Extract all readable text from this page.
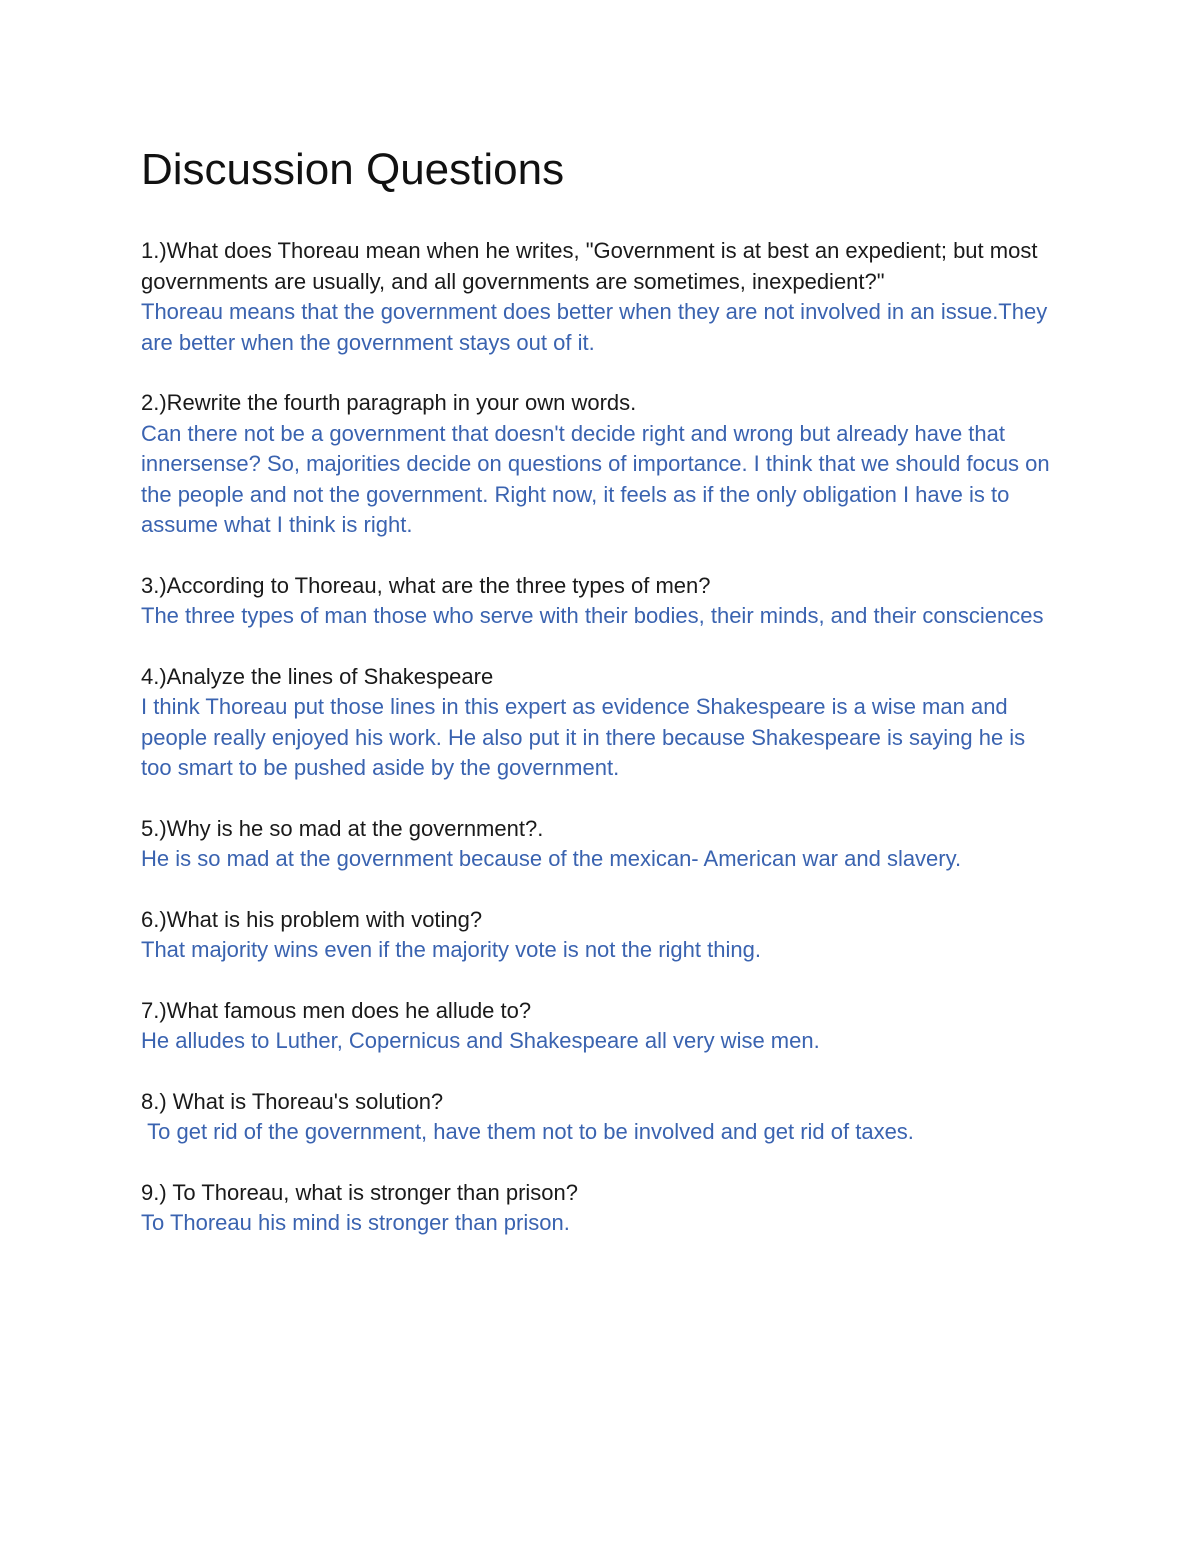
Discussion Questions

1.)What does Thoreau mean when he writes, "Government is at best an expedient; but most governments are usually, and all governments are sometimes, inexpedient?"

Thoreau means that the government does better when they are not involved in an issue.They are better when the government stays out of it.

2.)Rewrite the fourth paragraph in your own words.

Can there not be a government that doesn't decide right and wrong but already have that innersense? So, majorities decide on questions of importance. I think that we should focus on the people and not the government. Right now, it feels as if the only obligation I have is to assume what I think is right.

3.)According to Thoreau, what are the three types of men?

The three types of man those who serve with their bodies, their minds, and their consciences

4.)Analyze the lines of Shakespeare

I think Thoreau put those lines in this expert as evidence Shakespeare is a wise man and people really enjoyed his work. He also put it in there because Shakespeare is saying he is too smart to be pushed aside by the government.

5.)Why is he so mad at the government?.

He is so mad at the government because of the mexican- American war and slavery.

6.)What is his problem with voting?

That majority wins even if the majority vote is not the right thing.

7.)What famous men does he allude to?

He alludes to Luther, Copernicus and Shakespeare all very wise men.

8.) What is Thoreau's solution?

To get rid of the government, have them not to be involved and get rid of taxes.

9.) To Thoreau, what is stronger than prison?

To Thoreau his mind is stronger than prison.
